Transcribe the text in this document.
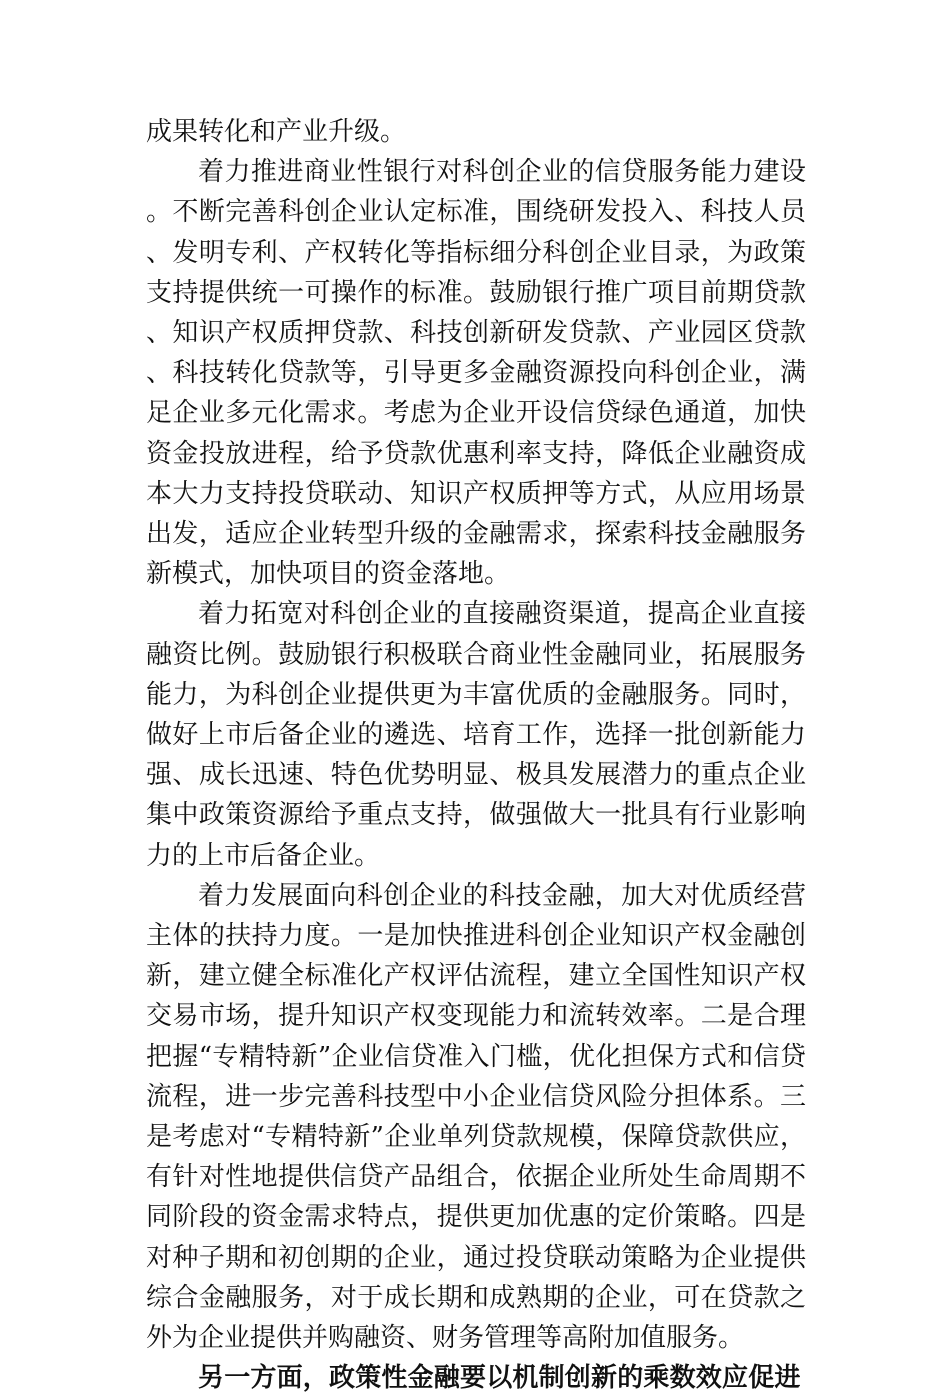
成果转化和产业升级。

着力推进商业性银行对科创企业的信贷服务能力建设。不断完善科创企业认定标准，围绕研发投入、科技人员、发明专利、产权转化等指标细分科创企业目录，为政策支持提供统一可操作的标准。鼓励银行推广项目前期贷款、知识产权质押贷款、科技创新研发贷款、产业园区贷款、科技转化贷款等，引导更多金融资源投向科创企业，满足企业多元化需求。考虑为企业开设信贷绿色通道，加快资金投放进程，给予贷款优惠利率支持，降低企业融资成本大力支持投贷联动、知识产权质押等方式，从应用场景出发，适应企业转型升级的金融需求，探索科技金融服务新模式，加快项目的资金落地。

着力拓宽对科创企业的直接融资渠道，提高企业直接融资比例。鼓励银行积极联合商业性金融同业，拓展服务能力，为科创企业提供更为丰富优质的金融服务。同时，做好上市后备企业的遴选、培育工作，选择一批创新能力强、成长迅速、特色优势明显、极具发展潜力的重点企业集中政策资源给予重点支持，做强做大一批具有行业影响力的上市后备企业。

着力发展面向科创企业的科技金融，加大对优质经营主体的扶持力度。一是加快推进科创企业知识产权金融创新，建立健全标准化产权评估流程，建立全国性知识产权交易市场，提升知识产权变现能力和流转效率。二是合理把握“专精特新”企业信贷准入门槛，优化担保方式和信贷流程，进一步完善科技型中小企业信贷风险分担体系。三是考虑对“专精特新”企业单列贷款规模，保障贷款供应，有针对性地提供信贷产品组合，依据企业所处生命周期不同阶段的资金需求特点，提供更加优惠的定价策略。四是对种子期和初创期的企业，通过投贷联动策略为企业提供综合金融服务，对于成长期和成熟期的企业，可在贷款之外为企业提供并购融资、财务管理等高附加值服务。

另一方面，政策性金融要以机制创新的乘数效应促进
